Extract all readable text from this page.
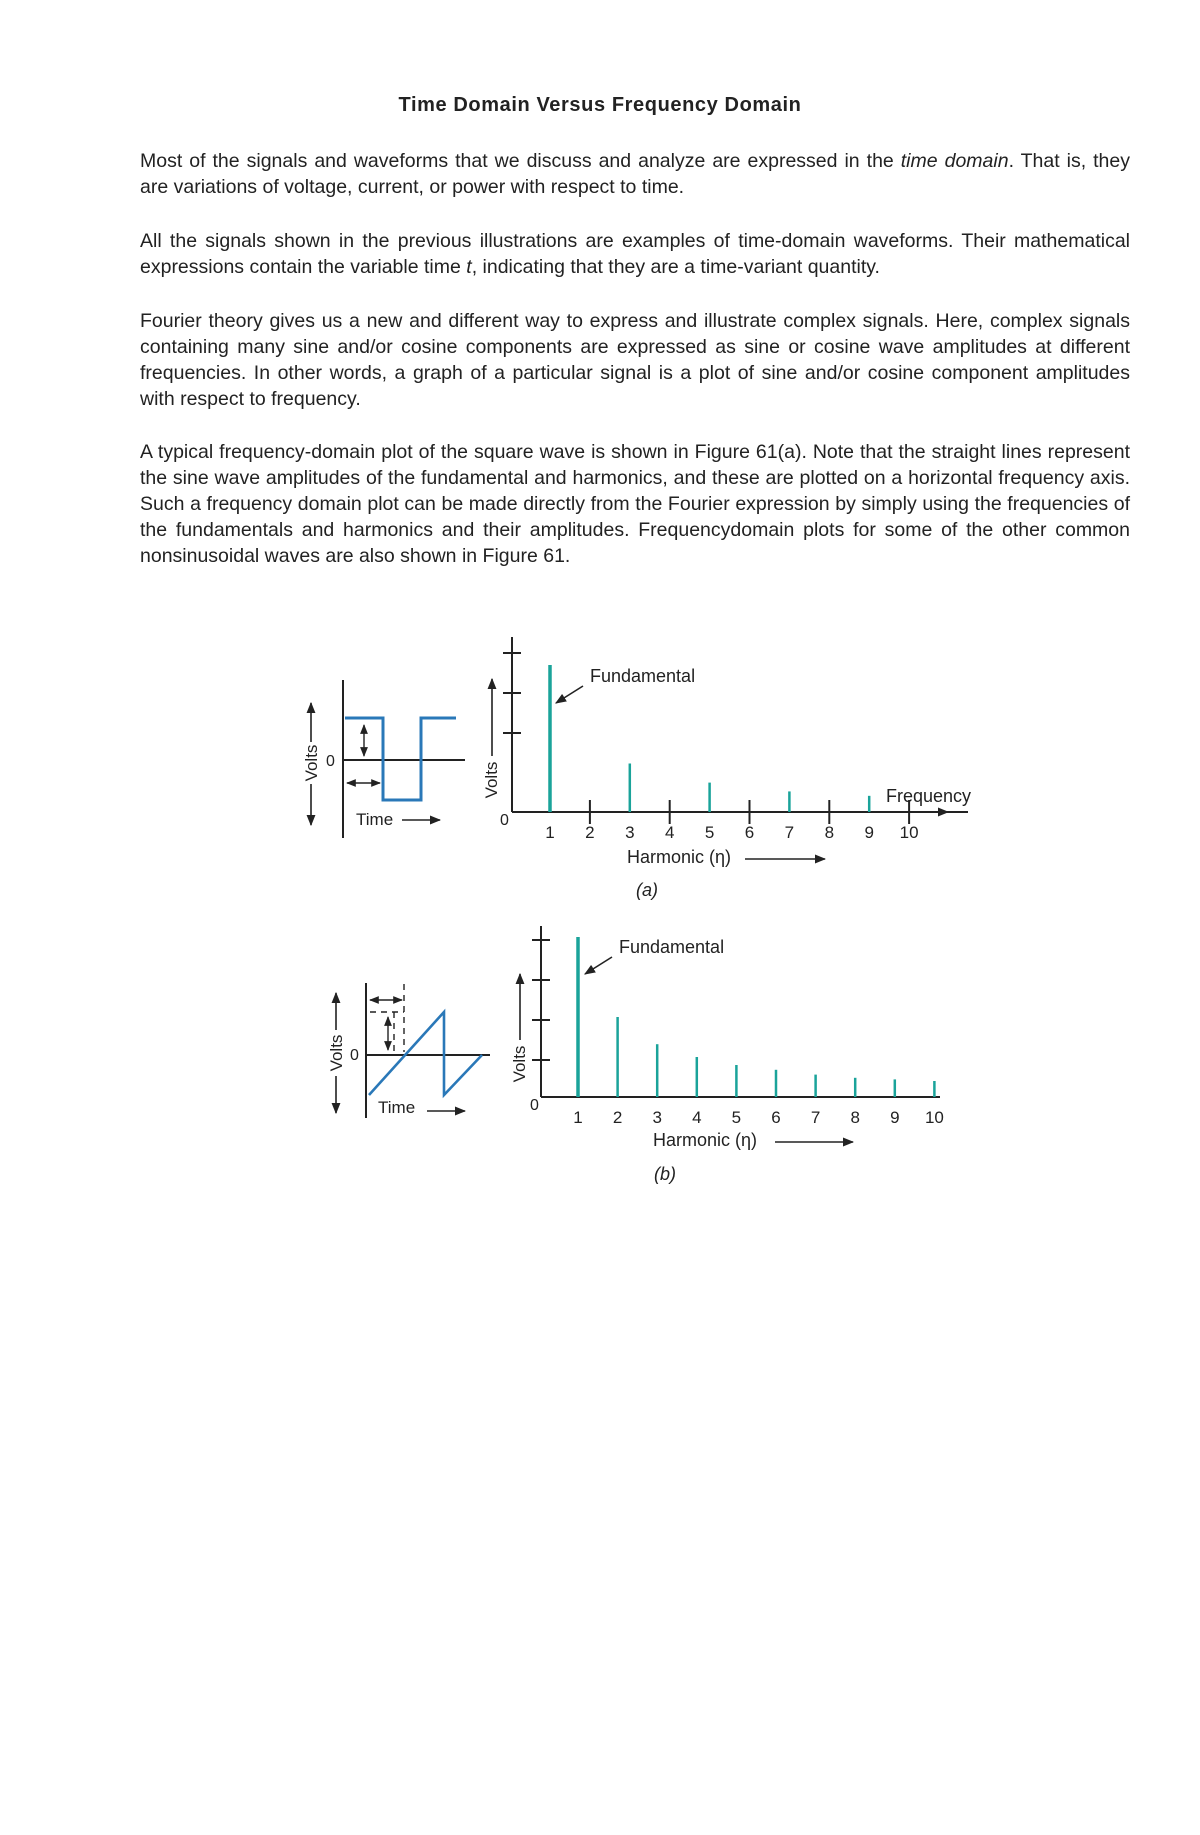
Time Domain Versus Frequency Domain

Most of the signals and waveforms that we discuss and analyze are expressed in the time domain. That is, they are variations of voltage, current, or power with respect to time.

All the signals shown in the previous illustrations are examples of time-domain waveforms. Their mathematical expressions contain the variable time t, indicating that they are a time-variant quantity.

Fourier theory gives us a new and different way to express and illustrate complex signals. Here, complex signals containing many sine and/or cosine components are expressed as sine or cosine wave amplitudes at different frequencies. In other words, a graph of a particular signal is a plot of sine and/or cosine component amplitudes with respect to frequency.

A typical frequency-domain plot of the square wave is shown in Figure 61(a). Note that the straight lines represent the sine wave amplitudes of the fundamental and harmonics, and these are plotted on a horizontal frequency axis. Such a frequency domain plot can be made directly from the Fourier expression by simply using the frequencies of the fundamentals and harmonics and their amplitudes. Frequencydomain plots for some of the other common nonsinusoidal waves are also shown in Figure 61.

Volts 0
Time
Volts
0
1 2 3 4 5 6 7 8 9 10
Fundamental
Frequency
Harmonic (η)
(a)
Volts 0
Time
Volts
0
1 2 3 4 5 6 7 8 9 10
Fundamental
Harmonic (η)
(b)
